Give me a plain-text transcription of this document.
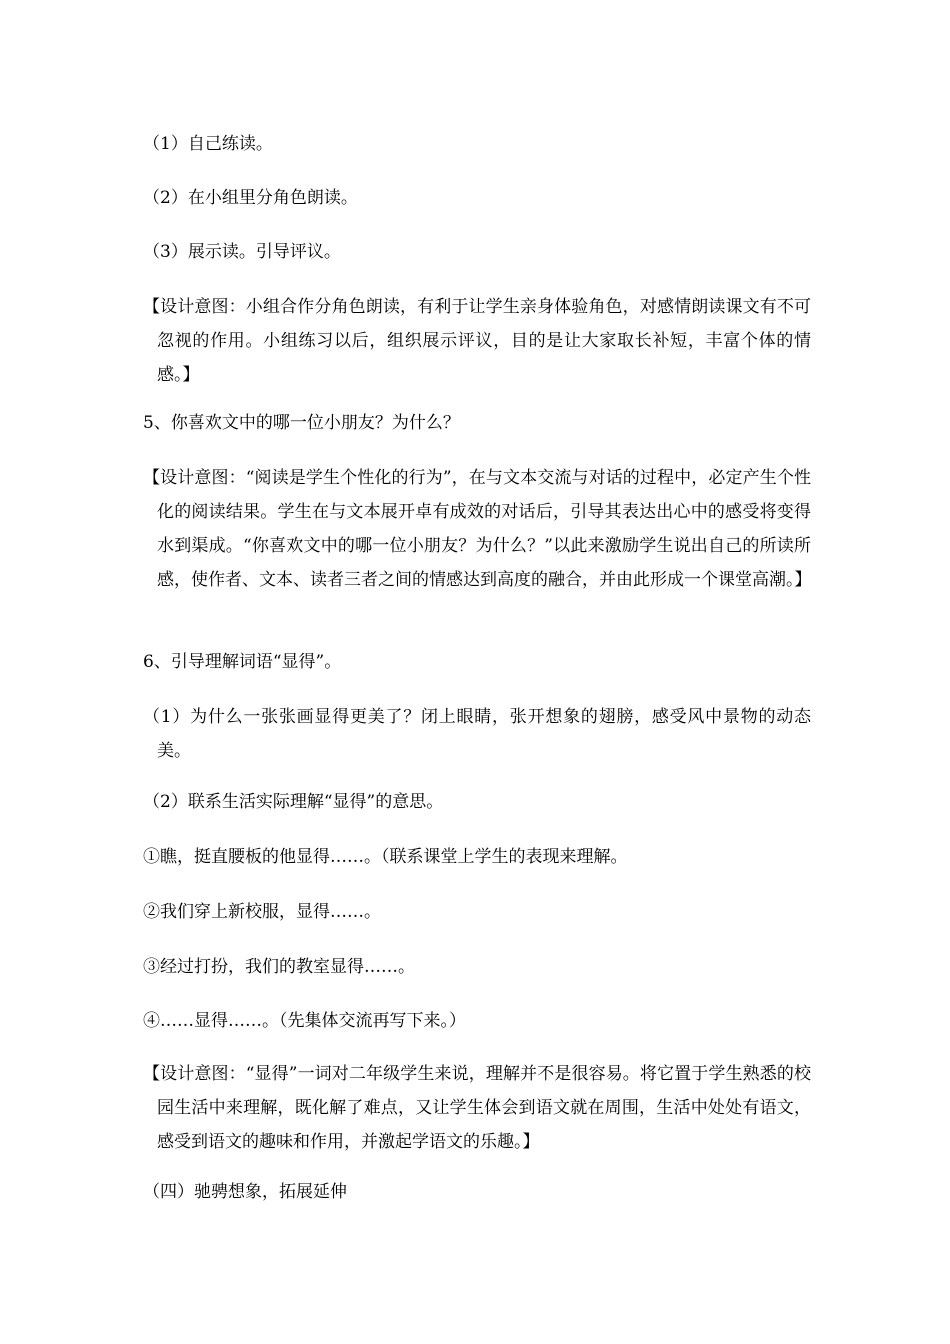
（1）自己练读。

（2）在小组里分角色朗读。

（3）展示读。引导评议。

【设计意图：小组合作分角色朗读，有利于让学生亲身体验角色，对感情朗读课文有不可忽视的作用。小组练习以后，组织展示评议，目的是让大家取长补短，丰富个体的情感。】

5、你喜欢文中的哪一位小朋友？为什么？

【设计意图：“阅读是学生个性化的行为”，在与文本交流与对话的过程中，必定产生个性化的阅读结果。学生在与文本展开卓有成效的对话后，引导其表达出心中的感受将变得水到渠成。“你喜欢文中的哪一位小朋友？为什么？”以此来激励学生说出自己的所读所感，使作者、文本、读者三者之间的情感达到高度的融合，并由此形成一个课堂高潮。】

6、引导理解词语“显得”。

（1）为什么一张张画显得更美了？闭上眼睛，张开想象的翅膀，感受风中景物的动态美。

（2）联系生活实际理解“显得”的意思。

①瞧，挺直腰板的他显得……。（联系课堂上学生的表现来理解。

②我们穿上新校服，显得……。

③经过打扮，我们的教室显得……。

④……显得……。（先集体交流再写下来。）

【设计意图：“显得”一词对二年级学生来说，理解并不是很容易。将它置于学生熟悉的校园生活中来理解，既化解了难点，又让学生体会到语文就在周围，生活中处处有语文，感受到语文的趣味和作用，并激起学语文的乐趣。】

（四）驰骋想象，拓展延伸
